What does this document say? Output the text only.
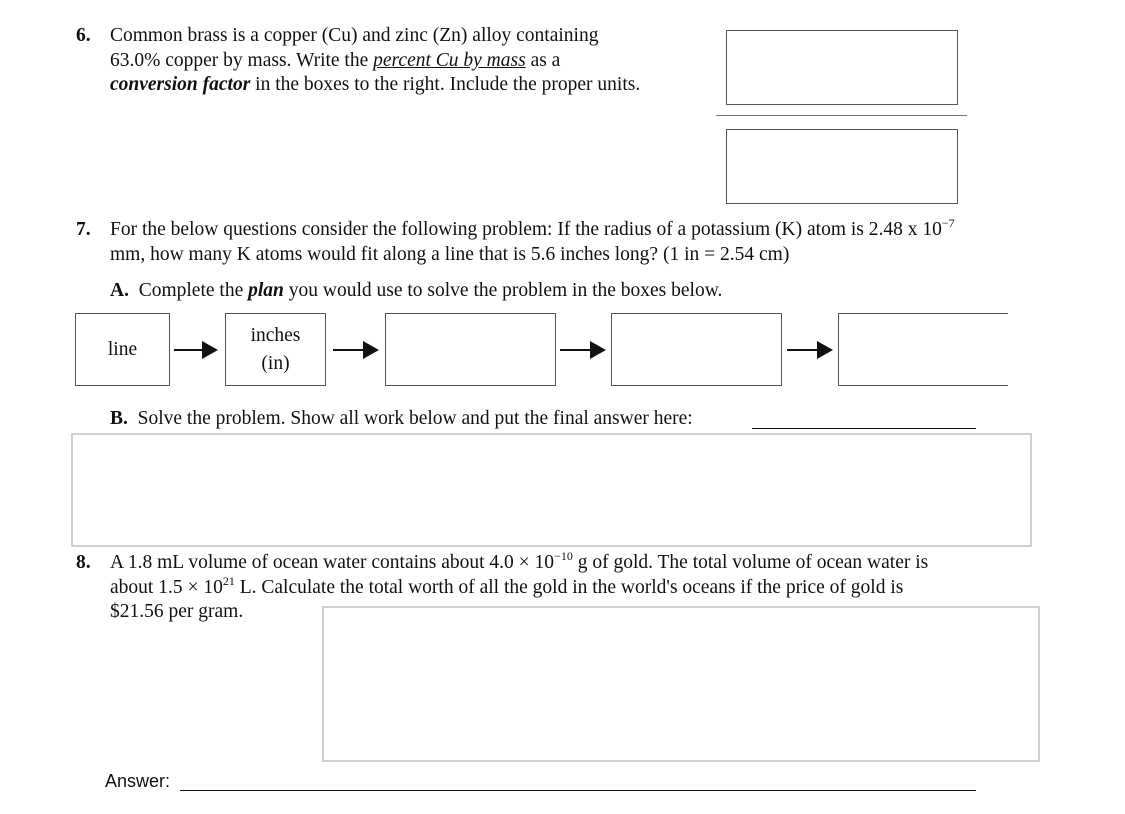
6. Common brass is a copper (Cu) and zinc (Zn) alloy containing
63.0% copper by mass. Write the percent Cu by mass as a
conversion factor in the boxes to the right. Include the proper units.
7. For the below questions consider the following problem: If the radius of a potassium (K) atom is 2.48 x $10^{-7}$
mm, how many K atoms would fit along a line that is 5.6 inches long? (1 in = 2.54 cm)
A. Complete the plan you would use to solve the problem in the boxes below.
line
inches
(in)
B. Solve the problem. Show all work below and put the final answer here:
8. A 1.8 mL volume of ocean water contains about $4.0 \times 10^{-10}$ g of gold. The total volume of ocean water is
about $1.5 \times 10^{21}$ L. Calculate the total worth of all the gold in the world's oceans if the price of gold is
$21.56 per gram.
Answer:
